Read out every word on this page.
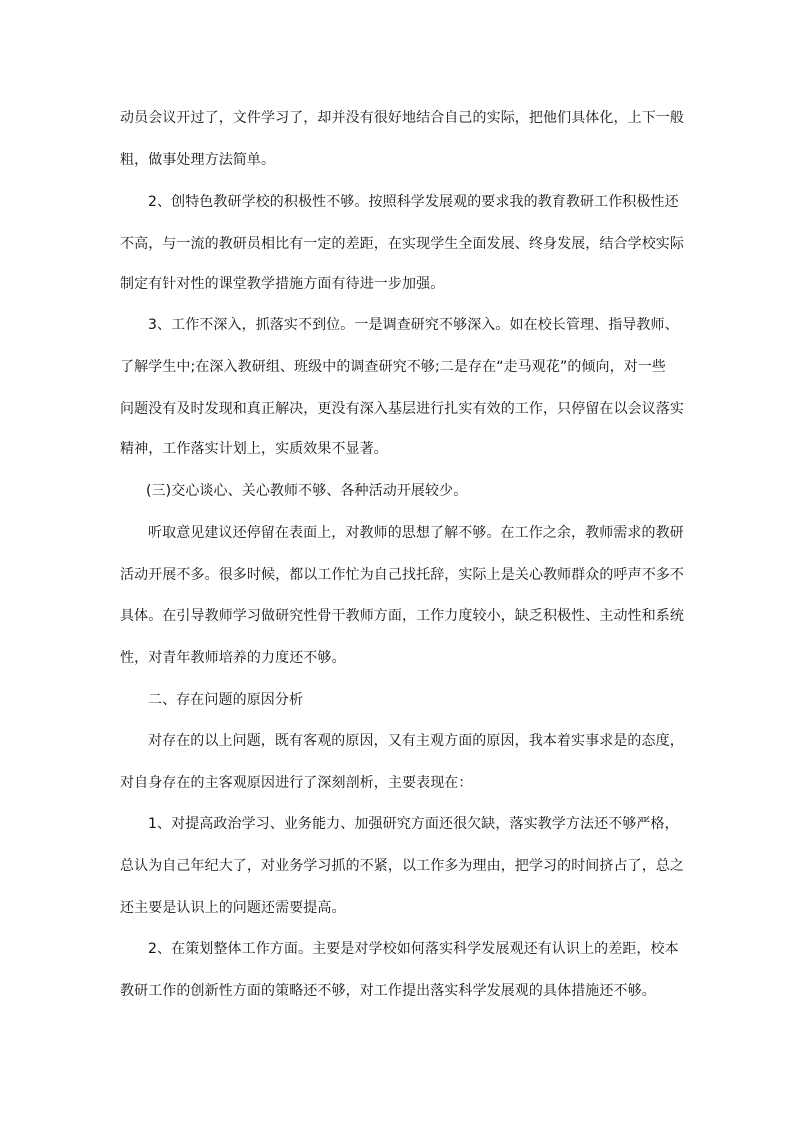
动员会议开过了，文件学习了，却并没有很好地结合自己的实际，把他们具体化，上下一般
粗，做事处理方法简单。
2、创特色教研学校的积极性不够。按照科学发展观的要求我的教育教研工作积极性还
不高，与一流的教研员相比有一定的差距，在实现学生全面发展、终身发展，结合学校实际
制定有针对性的课堂教学措施方面有待进一步加强。
3、工作不深入，抓落实不到位。一是调查研究不够深入。如在校长管理、指导教师、
了解学生中;在深入教研组、班级中的调查研究不够;二是存在“走马观花”的倾向，对一些
问题没有及时发现和真正解决，更没有深入基层进行扎实有效的工作，只停留在以会议落实
精神，工作落实计划上，实质效果不显著。
(三)交心谈心、关心教师不够、各种活动开展较少。
听取意见建议还停留在表面上，对教师的思想了解不够。在工作之余，教师需求的教研
活动开展不多。很多时候，都以工作忙为自己找托辞，实际上是关心教师群众的呼声不多不
具体。在引导教师学习做研究性骨干教师方面，工作力度较小，缺乏积极性、主动性和系统
性，对青年教师培养的力度还不够。
二、存在问题的原因分析
对存在的以上问题，既有客观的原因，又有主观方面的原因，我本着实事求是的态度，
对自身存在的主客观原因进行了深刻剖析，主要表现在：
1、对提高政治学习、业务能力、加强研究方面还很欠缺，落实教学方法还不够严格，
总认为自己年纪大了，对业务学习抓的不紧，以工作多为理由，把学习的时间挤占了，总之
还主要是认识上的问题还需要提高。
2、在策划整体工作方面。主要是对学校如何落实科学发展观还有认识上的差距，校本
教研工作的创新性方面的策略还不够，对工作提出落实科学发展观的具体措施还不够。
